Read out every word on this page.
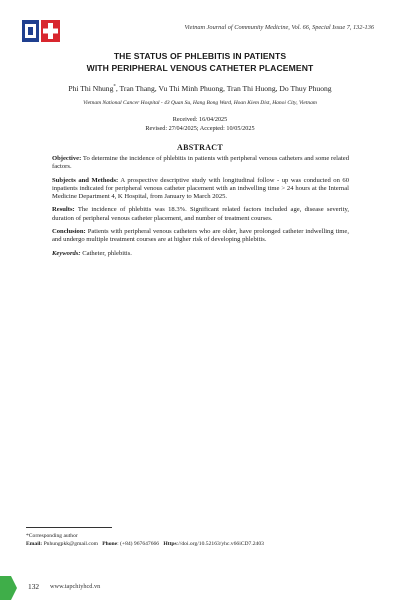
Vietnam Journal of Community Medicine, Vol. 66, Special Issue 7, 132-136
THE STATUS OF PHLEBITIS IN PATIENTS
WITH PERIPHERAL VENOUS CATHETER PLACEMENT
Phi Thi Nhung*, Tran Thang, Vu Thi Minh Phuong, Tran Thi Huong, Do Thuy Phuong
Vietnam National Cancer Hospital - 43 Quan Su, Hang Bong Ward, Hoan Kiem Dist, Hanoi City, Vietnam
Received: 16/04/2025
Revised: 27/04/2025; Accepted: 10/05/2025
ABSTRACT

Objective: To determine the incidence of phlebitis in patients with peripheral venous catheters and some related factors.

Subjects and Methods: A prospective descriptive study with longitudinal follow - up was conducted on 60 inpatients indicated for peripheral venous catheter placement with an indwelling time > 24 hours at the Internal Medicine Department 4, K Hospital, from January to March 2025.

Results: The incidence of phlebitis was 18.3%. Significant related factors included age, disease severity, duration of peripheral venous catheter placement, and number of treatment courses.

Conclusion: Patients with peripheral venous catheters who are older, have prolonged catheter indwelling time, and undergo multiple treatment courses are at higher risk of developing phlebitis.

Keywords: Catheter, phlebitis.

*Corresponding author
Email: Pnhungpkk@gmail.com Phone: (+84) 967647666 Https://doi.org/10.52163/yhc.v66iCD7.2403
132 www.tapchiyhcd.vn
